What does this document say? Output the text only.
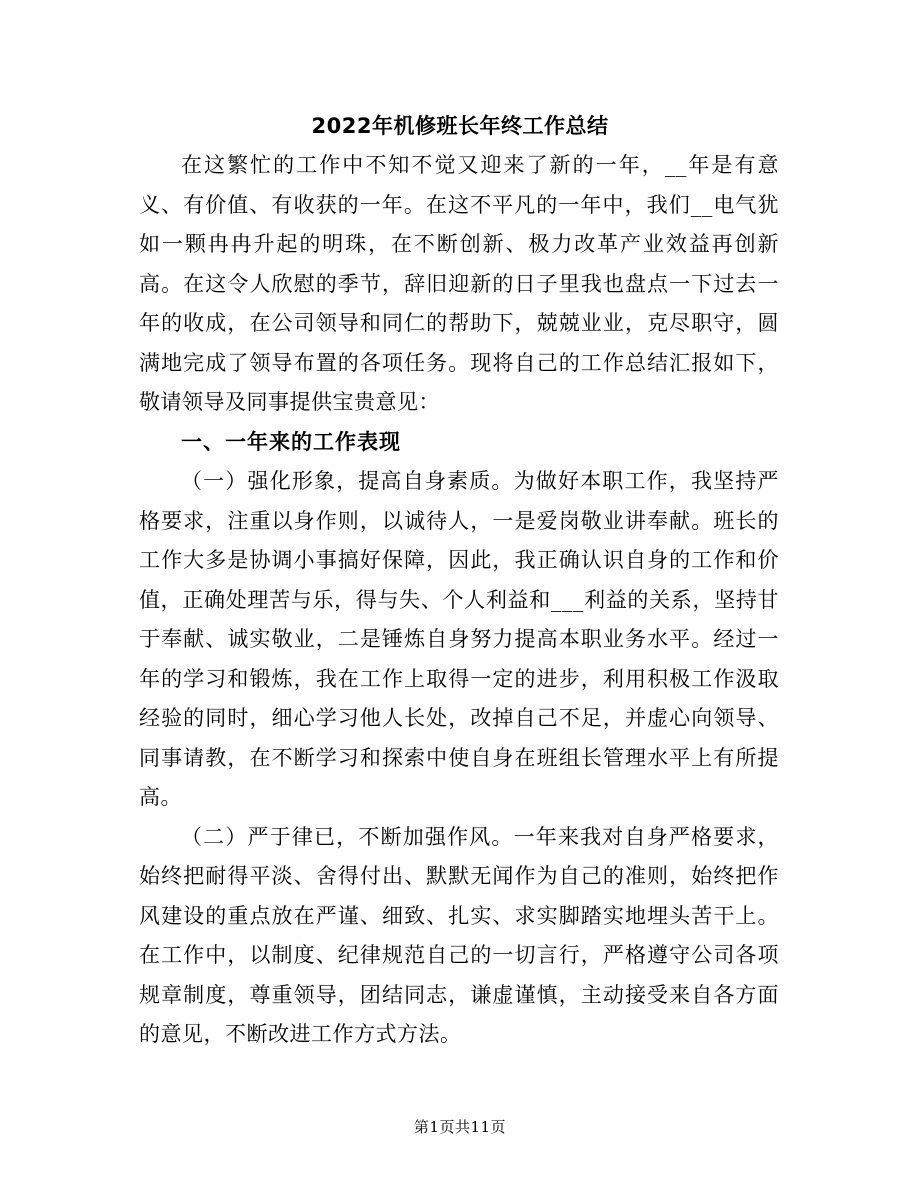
2022年机修班长年终工作总结

在这繁忙的工作中不知不觉又迎来了新的一年，__年是有意义、有价值、有收获的一年。在这不平凡的一年中，我们__电气犹如一颗冉冉升起的明珠，在不断创新、极力改革产业效益再创新高。在这令人欣慰的季节，辞旧迎新的日子里我也盘点一下过去一年的收成，在公司领导和同仁的帮助下，兢兢业业，克尽职守，圆满地完成了领导布置的各项任务。现将自己的工作总结汇报如下，敬请领导及同事提供宝贵意见：

一、一年来的工作表现

（一）强化形象，提高自身素质。为做好本职工作，我坚持严格要求，注重以身作则，以诚待人，一是爱岗敬业讲奉献。班长的工作大多是协调小事搞好保障，因此，我正确认识自身的工作和价值，正确处理苦与乐，得与失、个人利益和___利益的关系，坚持甘于奉献、诚实敬业，二是锤炼自身努力提高本职业务水平。经过一年的学习和锻炼，我在工作上取得一定的进步，利用积极工作汲取经验的同时，细心学习他人长处，改掉自己不足，并虚心向领导、同事请教，在不断学习和探索中使自身在班组长管理水平上有所提高。

（二）严于律已，不断加强作风。一年来我对自身严格要求，始终把耐得平淡、舍得付出、默默无闻作为自己的准则，始终把作风建设的重点放在严谨、细致、扎实、求实脚踏实地埋头苦干上。在工作中，以制度、纪律规范自己的一切言行，严格遵守公司各项规章制度，尊重领导，团结同志，谦虚谨慎，主动接受来自各方面的意见，不断改进工作方式方法。

第1页共11页
